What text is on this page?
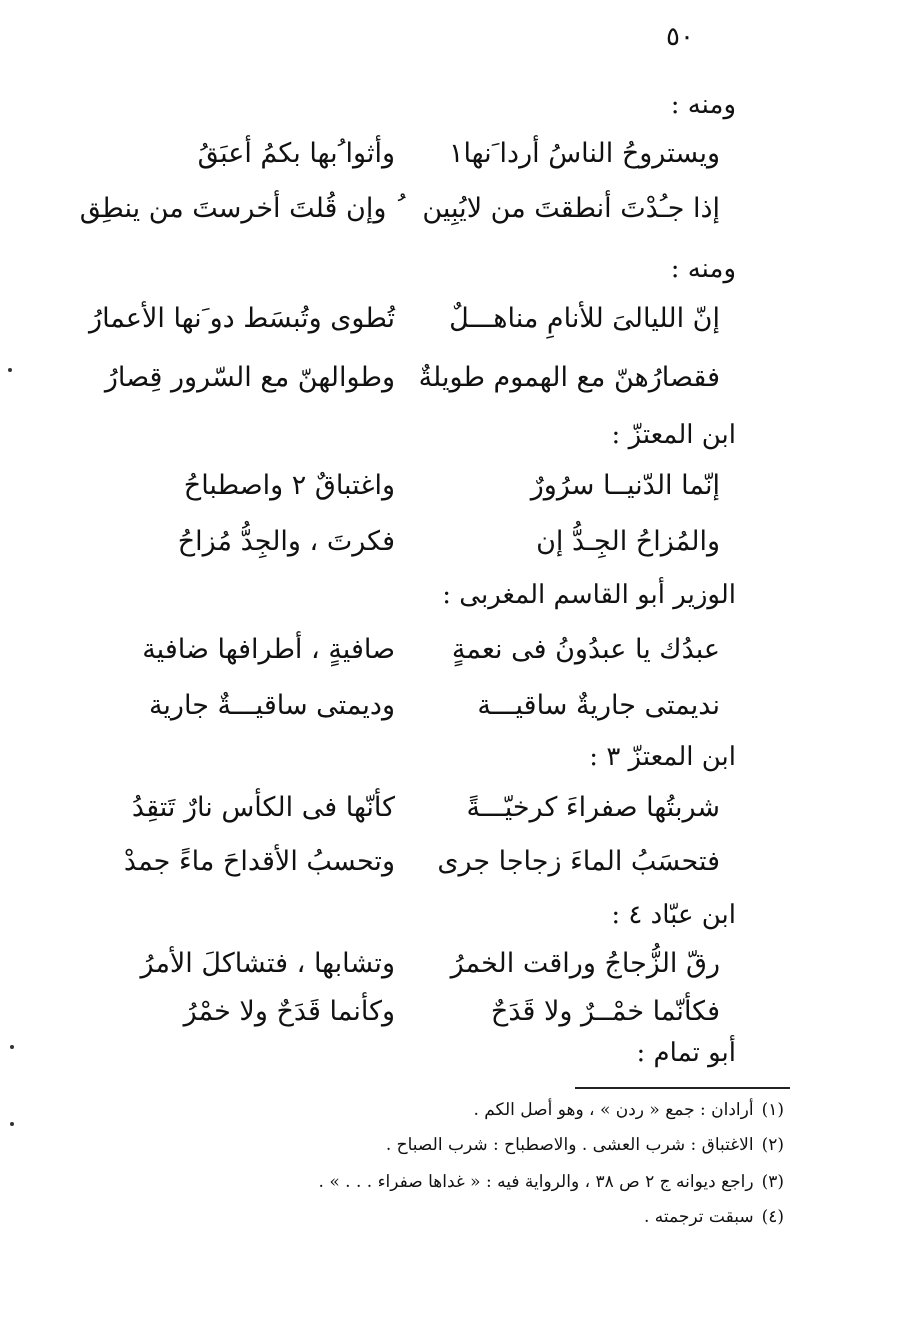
٥٠
ومنه :
ويستروحُ الناسُ أردا َنها١
وأثوا ُبها بكمُ أعبَقُ
إذا جـُدْتَ أنطقتَ من لايُبِين
ُ وإن قُلتَ أخرستَ من ينطِق
ومنه :
إنّ الليالىَ للأنامِ مناهـــلٌ
تُطوى وتُبسَط دو َنها الأعمارُ
فقصارُهنّ مع الهموم طويلةٌ
وطوالهنّ مع السّرور قِصارُ
ابن المعتزّ :
إنّما الدّنيــا سرُورٌ
واغتباقٌ ٢ واصطباحُ
والمُزاحُ الجِـدُّ إن
فكرتَ ، والجِدُّ مُزاحُ
الوزير أبو القاسم المغربى :
عبدُك يا عبدُونُ فى نعمةٍ
صافيةٍ ، أطرافها ضافية
نديمتى جاريةٌ ساقيـــة
وديمتى ساقيـــةٌ جارية
ابن المعتزّ ٣ :
شربتُها صفراءَ كرخيّـــةً
كأنّها فى الكأس نارٌ تَتقِدُ
فتحسَبُ الماءَ زجاجا جرى
وتحسبُ الأقداحَ ماءً جمدْ
ابن عبّاد ٤ :
رقّ الزُّجاجُ وراقت الخمرُ
وتشابها ، فتشاكلَ الأمرُ
فكأنّما خمْــرٌ ولا قَدَحٌ
وكأنما قَدَحٌ ولا خمْرُ
أبو تمام :
(١)أرادان : جمع « ردن » ، وهو أصل الكم .
(٢)الاغتباق : شرب العشى . والاصطباح : شرب الصباح .
(٣)راجع ديوانه ج ٢ ص ٣٨ ، والرواية فيه : « غداها صفراء . . . » .
(٤)سبقت ترجمته .
